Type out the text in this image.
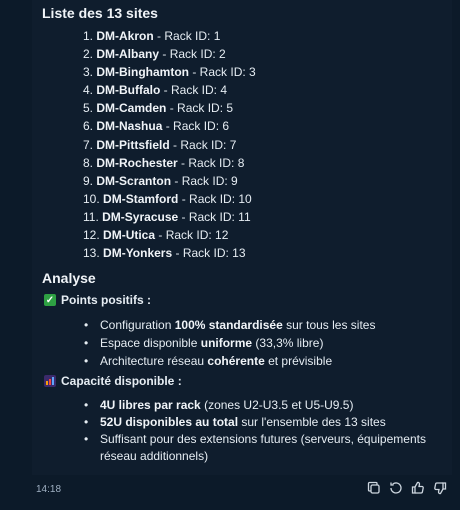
Liste des 13 sites
1. DM-Akron - Rack ID: 1
2. DM-Albany - Rack ID: 2
3. DM-Binghamton - Rack ID: 3
4. DM-Buffalo - Rack ID: 4
5. DM-Camden - Rack ID: 5
6. DM-Nashua - Rack ID: 6
7. DM-Pittsfield - Rack ID: 7
8. DM-Rochester - Rack ID: 8
9. DM-Scranton - Rack ID: 9
10. DM-Stamford - Rack ID: 10
11. DM-Syracuse - Rack ID: 11
12. DM-Utica - Rack ID: 12
13. DM-Yonkers - Rack ID: 13
Analyse
✓ Points positifs :
• Configuration 100% standardisée sur tous les sites
• Espace disponible uniforme (33,3% libre)
• Architecture réseau cohérente et prévisible
Capacité disponible :
• 4U libres par rack (zones U2-U3.5 et U5-U9.5)
• 52U disponibles au total sur l'ensemble des 13 sites
• Suffisant pour des extensions futures (serveurs, équipements réseau additionnels)
14:18
